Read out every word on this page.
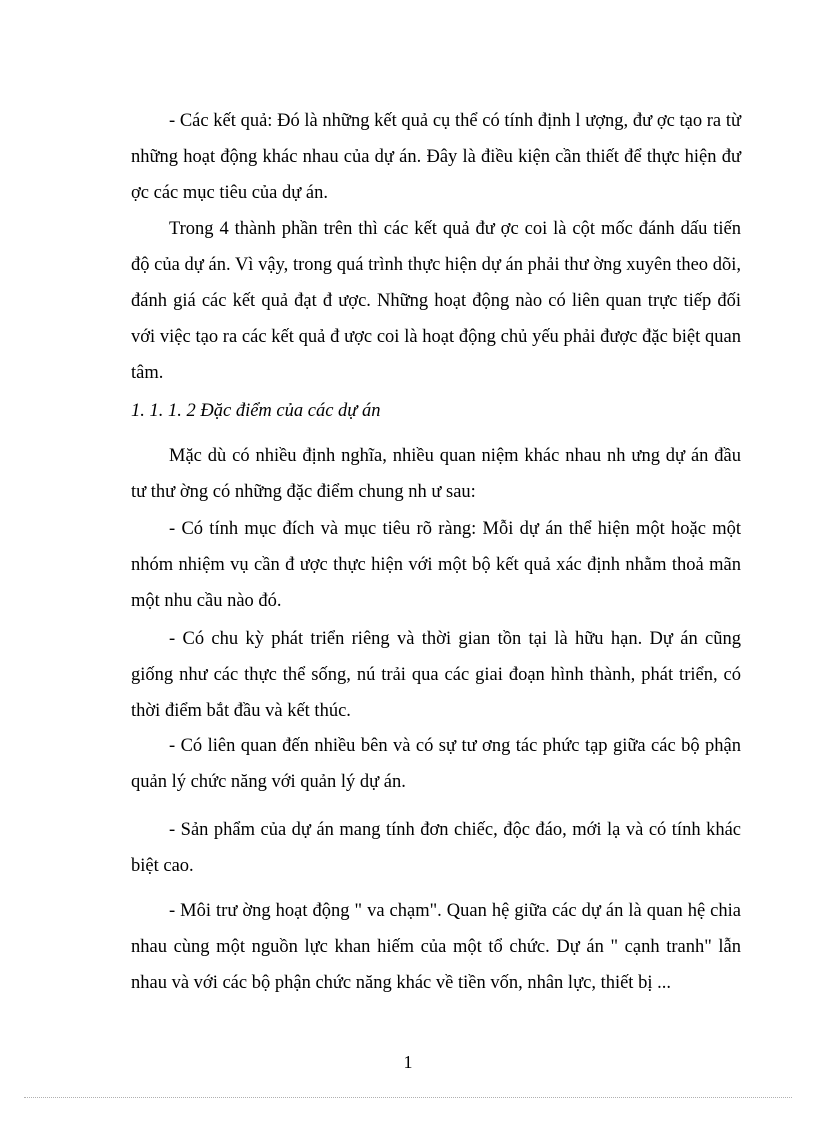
- Các kết quả: Đó là những kết quả cụ thể có tính định l ượng, đư ợc tạo ra từ những hoạt động khác nhau của dự án. Đây là điều kiện cần thiết để thực hiện đư ợc các mục tiêu của dự án.

Trong 4 thành phần trên thì các kết quả đư ợc coi là cột mốc đánh dấu tiến độ của dự án. Vì vậy, trong quá trình thực hiện dự án phải thư ờng xuyên theo dõi, đánh giá các kết quả đạt đ ược. Những hoạt động nào có liên quan trực tiếp đối với việc tạo ra các kết quả đ ược coi là hoạt động chủ yếu phải được đặc biệt quan tâm.

1. 1. 1. 2 Đặc điểm của các dự án

Mặc dù có nhiều định nghĩa, nhiều quan niệm khác nhau nh ưng dự án đầu tư thư ờng có những đặc điểm chung nh ư sau:

- Có tính mục đích và mục tiêu rõ ràng: Mỗi dự án thể hiện một hoặc một nhóm nhiệm vụ cần đ ược thực hiện với một bộ kết quả xác định nhằm thoả mãn một nhu cầu nào đó.

- Có chu kỳ phát triển riêng và thời gian tồn tại là hữu hạn. Dự án cũng giống như các thực thể sống, nú trải qua các giai đoạn hình thành, phát triển, có thời điểm bắt đầu và kết thúc.

- Có liên quan đến nhiều bên và có sự tư ơng tác phức tạp giữa các bộ phận quản lý chức năng với quản lý dự án.

- Sản phẩm của dự án mang tính đơn chiếc, độc đáo, mới lạ và có tính khác biệt cao.

- Môi trư ờng hoạt động " va chạm". Quan hệ giữa các dự án là quan hệ chia nhau cùng một nguồn lực khan hiếm của một tổ chức. Dự án " cạnh tranh" lẫn nhau và với các bộ phận chức năng khác về tiền vốn, nhân lực, thiết bị ...

1
